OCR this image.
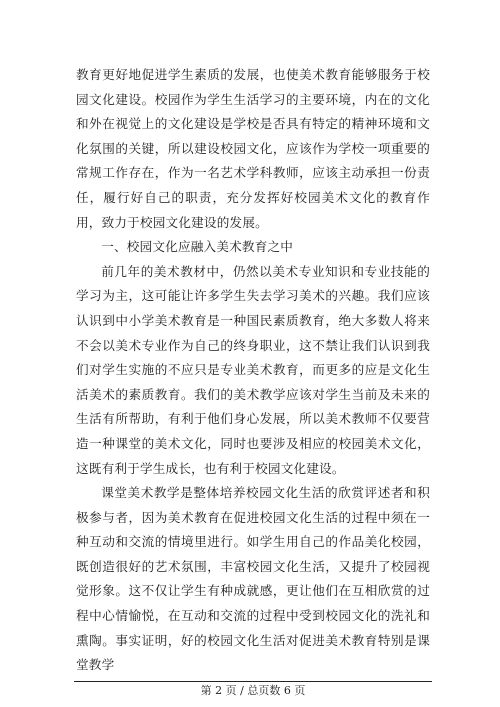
教育更好地促进学生素质的发展，也使美术教育能够服务于校园文化建设。校园作为学生生活学习的主要环境，内在的文化和外在视觉上的文化建设是学校是否具有特定的精神环境和文化氛围的关键，所以建设校园文化，应该作为学校一项重要的常规工作存在，作为一名艺术学科教师，应该主动承担一份责任，履行好自己的职责，充分发挥好校园美术文化的教育作用，致力于校园文化建设的发展。

一、校园文化应融入美术教育之中

前几年的美术教材中，仍然以美术专业知识和专业技能的学习为主，这可能让许多学生失去学习美术的兴趣。我们应该认识到中小学美术教育是一种国民素质教育，绝大多数人将来不会以美术专业作为自己的终身职业，这不禁让我们认识到我们对学生实施的不应只是专业美术教育，而更多的应是文化生活美术的素质教育。我们的美术教学应该对学生当前及未来的生活有所帮助，有利于他们身心发展，所以美术教师不仅要营造一种课堂的美术文化，同时也要涉及相应的校园美术文化，这既有利于学生成长，也有利于校园文化建设。

课堂美术教学是整体培养校园文化生活的欣赏评述者和积极参与者，因为美术教育在促进校园文化生活的过程中须在一种互动和交流的情境里进行。如学生用自己的作品美化校园，既创造很好的艺术氛围，丰富校园文化生活，又提升了校园视觉形象。这不仅让学生有种成就感，更让他们在互相欣赏的过程中心情愉悦，在互动和交流的过程中受到校园文化的洗礼和熏陶。事实证明，好的校园文化生活对促进美术教育特别是课堂教学

第 2 页 / 总页数 6 页
